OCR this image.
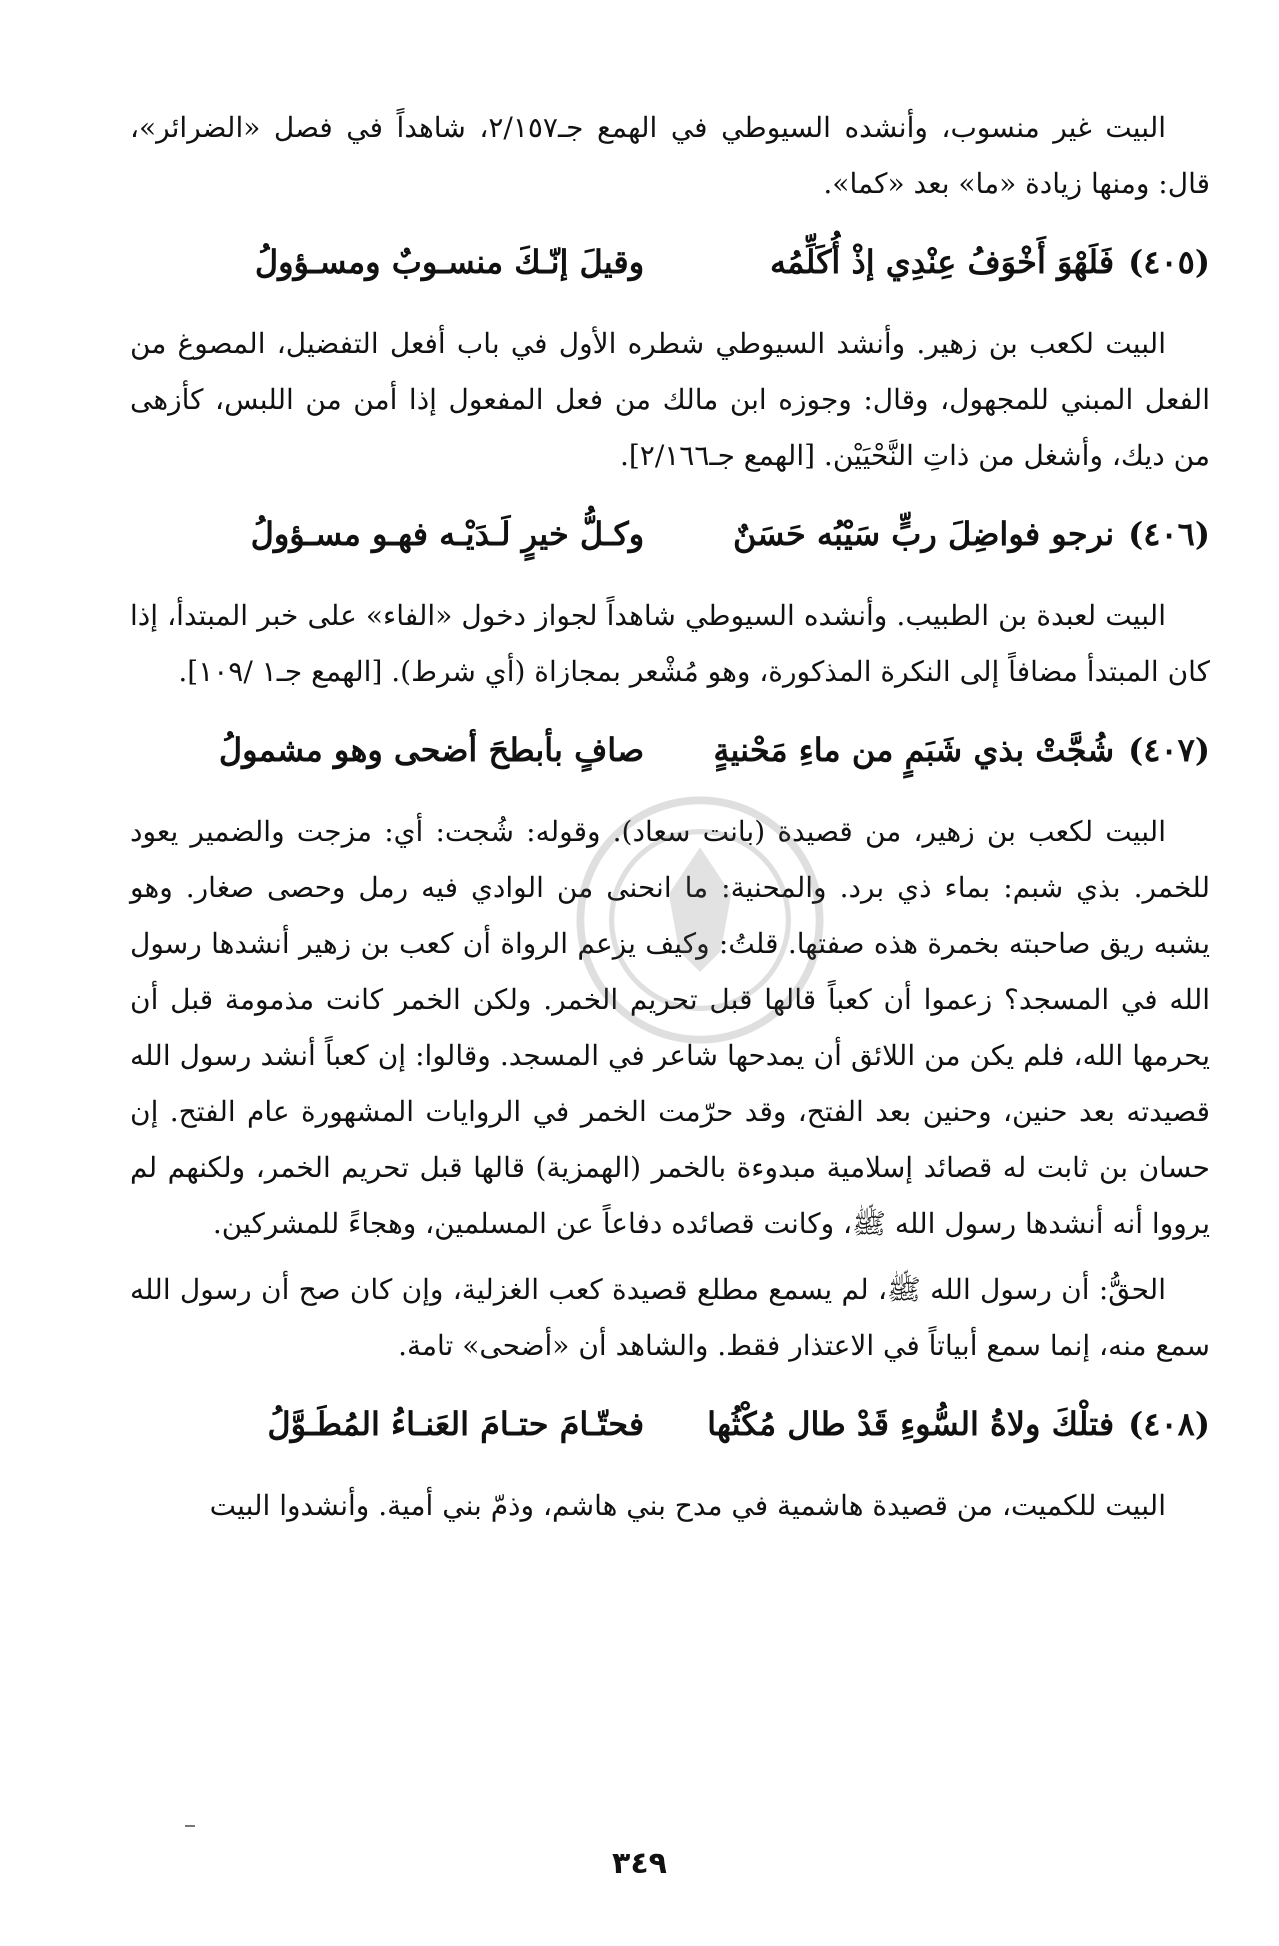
البيت غير منسوب، وأنشده السيوطي في الهمع جـ٢/١٥٧، شاهداً في فصل «الضرائر»، قال: ومنها زيادة «ما» بعد «كما».

(٤٠٥)
فَلَهْوَ أَخْوَفُ عِنْدِي إذْ أُكَلِّمُه
وقيلَ إنّـكَ منسـوبٌ ومسـؤولُ

البيت لكعب بن زهير. وأنشد السيوطي شطره الأول في باب أفعل التفضيل، المصوغ من الفعل المبني للمجهول، وقال: وجوزه ابن مالك من فعل المفعول إذا أمن من اللبس، كأزهى من ديك، وأشغل من ذاتِ النَّحْيَيْن. [الهمع جـ٢/١٦٦].

(٤٠٦)
نرجو فواضِلَ ربٍّ سَيْبُه حَسَنٌ
وكـلُّ خيرٍ لَـدَيْـه فهـو مسـؤولُ

البيت لعبدة بن الطبيب. وأنشده السيوطي شاهداً لجواز دخول «الفاء» على خبر المبتدأ، إذا كان المبتدأ مضافاً إلى النكرة المذكورة، وهو مُشْعر بمجازاة (أي شرط). [الهمع جـ١ /١٠٩].

(٤٠٧)
شُجَّتْ بذي شَبَمٍ من ماءِ مَحْنيةٍ
صافٍ بأبطحَ أضحى وهو مشمولُ

البيت لكعب بن زهير، من قصيدة (بانت سعاد). وقوله: شُجت: أي: مزجت والضمير يعود للخمر. بذي شبم: بماء ذي برد. والمحنية: ما انحنى من الوادي فيه رمل وحصى صغار. وهو يشبه ريق صاحبته بخمرة هذه صفتها. قلتُ: وكيف يزعم الرواة أن كعب بن زهير أنشدها رسول الله في المسجد؟ زعموا أن كعباً قالها قبل تحريم الخمر. ولكن الخمر كانت مذمومة قبل أن يحرمها الله، فلم يكن من اللائق أن يمدحها شاعر في المسجد. وقالوا: إن كعباً أنشد رسول الله قصيدته بعد حنين، وحنين بعد الفتح، وقد حرّمت الخمر في الروايات المشهورة عام الفتح. إن حسان بن ثابت له قصائد إسلامية مبدوءة بالخمر (الهمزية) قالها قبل تحريم الخمر، ولكنهم لم يرووا أنه أنشدها رسول الله ﷺ، وكانت قصائده دفاعاً عن المسلمين، وهجاءً للمشركين.

الحقُّ: أن رسول الله ﷺ، لم يسمع مطلع قصيدة كعب الغزلية، وإن كان صح أن رسول الله سمع منه، إنما سمع أبياتاً في الاعتذار فقط. والشاهد أن «أضحى» تامة.

(٤٠٨)
فتلْكَ ولاةُ السُّوءِ قَدْ طال مُكْثُها
فحتّـامَ حتـامَ العَنـاءُ المُطَـوَّلُ

البيت للكميت، من قصيدة هاشمية في مدح بني هاشم، وذمّ بني أمية. وأنشدوا البيت

٣٤٩
